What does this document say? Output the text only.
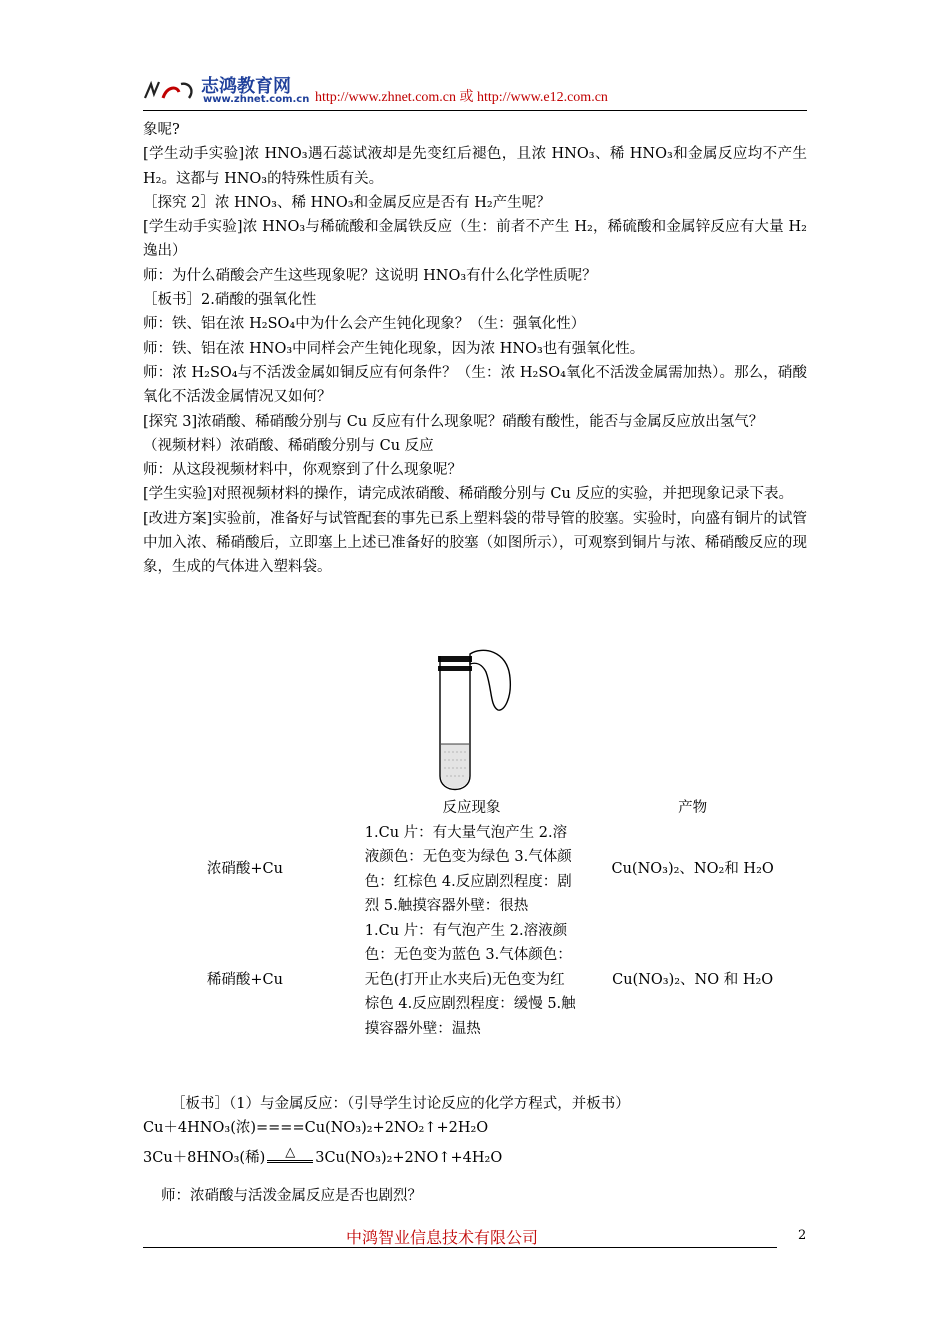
志鸿教育网
www.zhnet.com.cn http://www.zhnet.com.cn 或 http://www.e12.com.cn

象呢?

[学生动手实验]浓 HNO₃遇石蕊试液却是先变红后褪色，且浓 HNO₃、稀 HNO₃和金属反应均不产生 H₂。这都与 HNO₃的特殊性质有关。

［探究 2］浓 HNO₃、稀 HNO₃和金属反应是否有 H₂产生呢？

[学生动手实验]浓 HNO₃与稀硫酸和金属铁反应（生：前者不产生 H₂，稀硫酸和金属锌反应有大量 H₂逸出）

师：为什么硝酸会产生这些现象呢？这说明 HNO₃有什么化学性质呢？

［板书］2.硝酸的强氧化性

师：铁、铝在浓 H₂SO₄中为什么会产生钝化现象？（生：强氧化性）

师：铁、铝在浓 HNO₃中同样会产生钝化现象，因为浓 HNO₃也有强氧化性。

师：浓 H₂SO₄与不活泼金属如铜反应有何条件？（生：浓 H₂SO₄氧化不活泼金属需加热）。那么，硝酸氧化不活泼金属情况又如何？

[探究 3]浓硝酸、稀硝酸分别与 Cu 反应有什么现象呢？硝酸有酸性，能否与金属反应放出氢气？

（视频材料）浓硝酸、稀硝酸分别与 Cu 反应

师：从这段视频材料中，你观察到了什么现象呢？

[学生实验]对照视频材料的操作，请完成浓硝酸、稀硝酸分别与 Cu 反应的实验，并把现象记录下表。

[改进方案]实验前，准备好与试管配套的事先已系上塑料袋的带导管的胶塞。实验时，向盛有铜片的试管中加入浓、稀硝酸后，立即塞上上述已准备好的胶塞（如图所示），可观察到铜片与浓、稀硝酸反应的现象，生成的气体进入塑料袋。

	反应现象	产物
浓硝酸+Cu	1.Cu 片：有大量气泡产生 2.溶液颜色：无色变为绿色 3.气体颜色：红棕色 4.反应剧烈程度：剧烈 5.触摸容器外壁：很热	Cu(NO₃)₂、NO₂和 H₂O
稀硝酸+Cu	1.Cu 片：有气泡产生 2.溶液颜色：无色变为蓝色 3.气体颜色：无色(打开止水夹后)无色变为红棕色 4.反应剧烈程度：缓慢 5.触摸容器外壁：温热	Cu(NO₃)₂、NO 和 H₂O

［板书］（1）与金属反应：（引导学生讨论反应的化学方程式，并板书）

Cu＋4HNO₃(浓)====Cu(NO₃)₂+2NO₂↑+2H₂O

3Cu＋8HNO₃(稀) △ 3Cu(NO₃)₂+2NO↑+4H₂O

师：浓硝酸与活泼金属反应是否也剧烈？

中鸿智业信息技术有限公司	2
